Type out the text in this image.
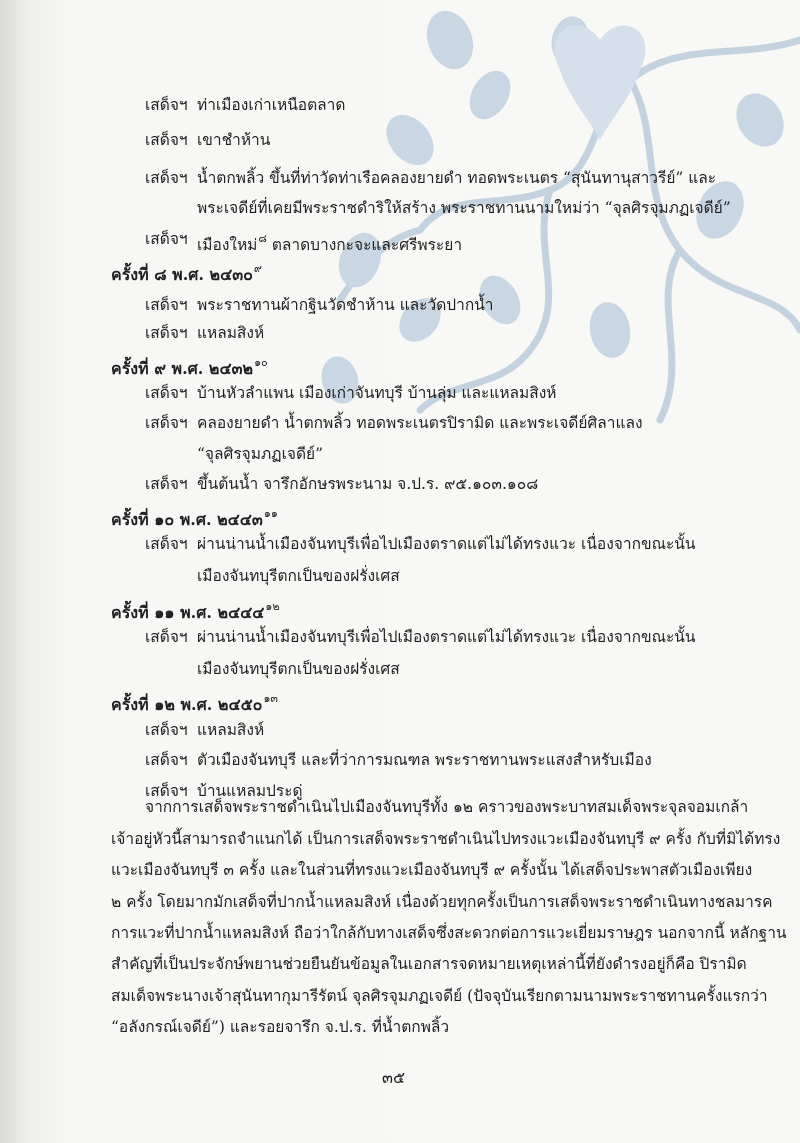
เสด็จฯ ท่าเมืองเก่าเหนือตลาด
เสด็จฯ เขาชำห้าน
เสด็จฯ น้ำตกพลิ้ว ขึ้นที่ท่าวัดท่าเรือคลองยายดำ ทอดพระเนตร “สุนันทานุสาวรีย์” และ
พระเจดีย์ที่เคยมีพระราชดำริให้สร้าง พระราชทานนามใหม่ว่า “จุลศิรจุมภฏเจดีย์”
เสด็จฯ เมืองใหม่$^๘$ ตลาดบางกะจะและศรีพระยา
ครั้งที่ ๘ พ.ศ. ๒๔๓๐$^๙$
เสด็จฯ พระราชทานผ้ากฐินวัดชำห้าน และวัดปากน้ำ
เสด็จฯ แหลมสิงห์
ครั้งที่ ๙ พ.ศ. ๒๔๓๒$^{๑๐}$
เสด็จฯ บ้านหัวลำแพน เมืองเก่าจันทบุรี บ้านลุ่ม และแหลมสิงห์
เสด็จฯ คลองยายดำ น้ำตกพลิ้ว ทอดพระเนตรปิรามิด และพระเจดีย์ศิลาแลง
“จุลศิรจุมภฏเจดีย์”
เสด็จฯ ขึ้นต้นน้ำ จารึกอักษรพระนาม จ.ป.ร. ๙๕.๑๐๓.๑๐๘
ครั้งที่ ๑๐ พ.ศ. ๒๔๔๓$^{๑๑}$
เสด็จฯ ผ่านน่านน้ำเมืองจันทบุรีเพื่อไปเมืองตราดแต่ไม่ได้ทรงแวะ เนื่องจากขณะนั้น
เมืองจันทบุรีตกเป็นของฝรั่งเศส
ครั้งที่ ๑๑ พ.ศ. ๒๔๔๔$^{๑๒}$
เสด็จฯ ผ่านน่านน้ำเมืองจันทบุรีเพื่อไปเมืองตราดแต่ไม่ได้ทรงแวะ เนื่องจากขณะนั้น
เมืองจันทบุรีตกเป็นของฝรั่งเศส
ครั้งที่ ๑๒ พ.ศ. ๒๔๕๐$^{๑๓}$
เสด็จฯ แหลมสิงห์
เสด็จฯ ตัวเมืองจันทบุรี และที่ว่าการมณฑล พระราชทานพระแสงสำหรับเมือง
เสด็จฯ บ้านแหลมประดู่
จากการเสด็จพระราชดำเนินไปเมืองจันทบุรีทั้ง ๑๒ คราวของพระบาทสมเด็จพระจุลจอมเกล้า
เจ้าอยู่หัวนี้สามารถจำแนกได้ เป็นการเสด็จพระราชดำเนินไปทรงแวะเมืองจันทบุรี ๙ ครั้ง กับที่มิได้ทรง
แวะเมืองจันทบุรี ๓ ครั้ง และในส่วนที่ทรงแวะเมืองจันทบุรี ๙ ครั้งนั้น ได้เสด็จประพาสตัวเมืองเพียง
๒ ครั้ง โดยมากมักเสด็จที่ปากน้ำแหลมสิงห์ เนื่องด้วยทุกครั้งเป็นการเสด็จพระราชดำเนินทางชลมารค
การแวะที่ปากน้ำแหลมสิงห์ ถือว่าใกล้กับทางเสด็จซึ่งสะดวกต่อการแวะเยี่ยมราษฎร นอกจากนี้ หลักฐาน
สำคัญที่เป็นประจักษ์พยานช่วยยืนยันข้อมูลในเอกสารจดหมายเหตุเหล่านี้ที่ยังดำรงอยู่ก็คือ ปิรามิด
สมเด็จพระนางเจ้าสุนันทากุมารีรัตน์ จุลศิรจุมภฏเจดีย์ (ปัจจุบันเรียกตามนามพระราชทานครั้งแรกว่า
“อลังกรณ์เจดีย์”) และรอยจารึก จ.ป.ร. ที่น้ำตกพลิ้ว
๓๕
